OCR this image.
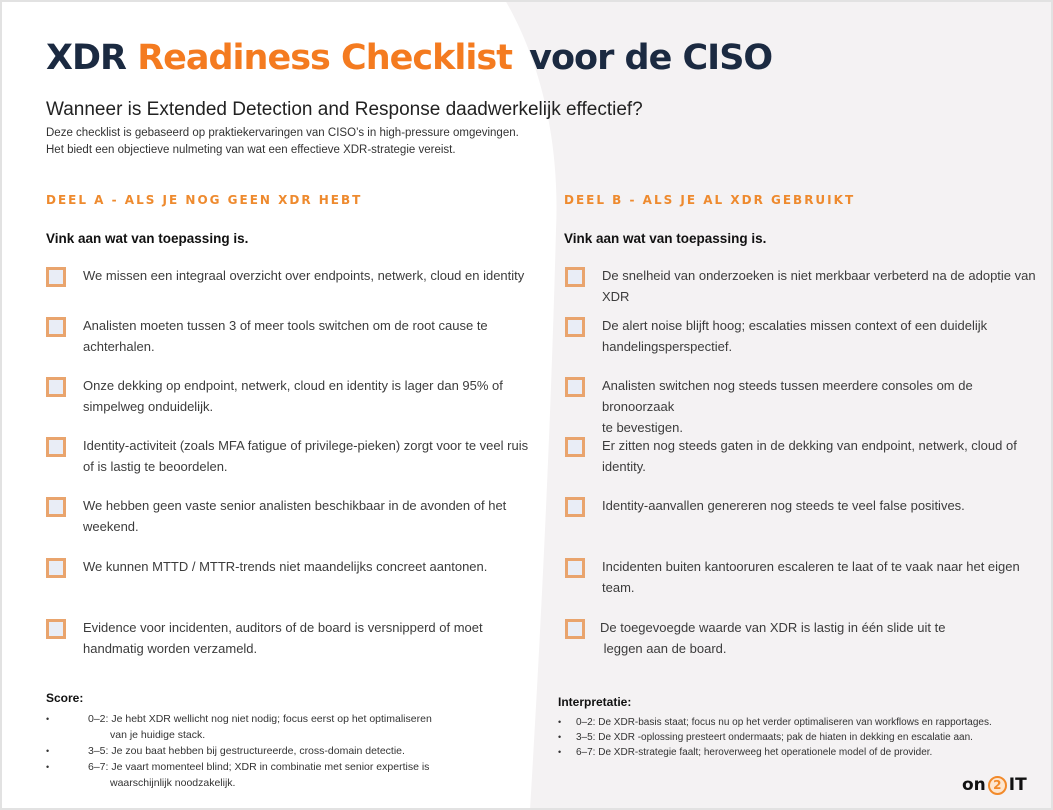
XDR Readiness Checklist voor de CISO
Wanneer is Extended Detection and Response daadwerkelijk effectief?
Deze checklist is gebaseerd op praktiekervaringen van CISO’s in high-pressure omgevingen.
Het biedt een objectieve nulmeting van wat een effectieve XDR-strategie vereist.
DEEL A - ALS JE NOG GEEN XDR HEBT
Vink aan wat van toepassing is.
We missen een integraal overzicht over endpoints, netwerk, cloud en identity
Analisten moeten tussen 3 of meer tools switchen om de root cause te
achterhalen.
Onze dekking op endpoint, netwerk, cloud en identity is lager dan 95% of
simpelweg onduidelijk.
Identity-activiteit (zoals MFA fatigue of privilege-pieken) zorgt voor te veel ruis
of is lastig te beoordelen.
We hebben geen vaste senior analisten beschikbaar in de avonden of het
weekend.
We kunnen MTTD / MTTR-trends niet maandelijks concreet aantonen.
Evidence voor incidenten, auditors of de board is versnipperd of moet
handmatig worden verzameld.
Score:
• 0–2: Je hebt XDR wellicht nog niet nodig; focus eerst op het optimaliseren
van je huidige stack.
• 3–5: Je zou baat hebben bij gestructureerde, cross-domain detectie.
• 6–7: Je vaart momenteel blind; XDR in combinatie met senior expertise is
waarschijnlijk noodzakelijk.
DEEL B - ALS JE AL XDR GEBRUIKT
Vink aan wat van toepassing is.
De snelheid van onderzoeken is niet merkbaar verbeterd na de adoptie van
XDR
De alert noise blijft hoog; escalaties missen context of een duidelijk
handelingsperspectief.
Analisten switchen nog steeds tussen meerdere consoles om de bronoorzaak
te bevestigen.
Er zitten nog steeds gaten in de dekking van endpoint, netwerk, cloud of
identity.
Identity-aanvallen genereren nog steeds te veel false positives.
Incidenten buiten kantooruren escaleren te laat of te vaak naar het eigen
team.
De toegevoegde waarde van XDR is lastig in één slide uit te
leggen aan de board.
Interpretatie:
• 0–2: De XDR-basis staat; focus nu op het verder optimaliseren van workflows en rapportages.
• 3–5: De XDR -oplossing presteert ondermaats; pak de hiaten in dekking en escalatie aan.
• 6–7: De XDR-strategie faalt; heroverweeg het operationele model of de provider.
on 2 IT
